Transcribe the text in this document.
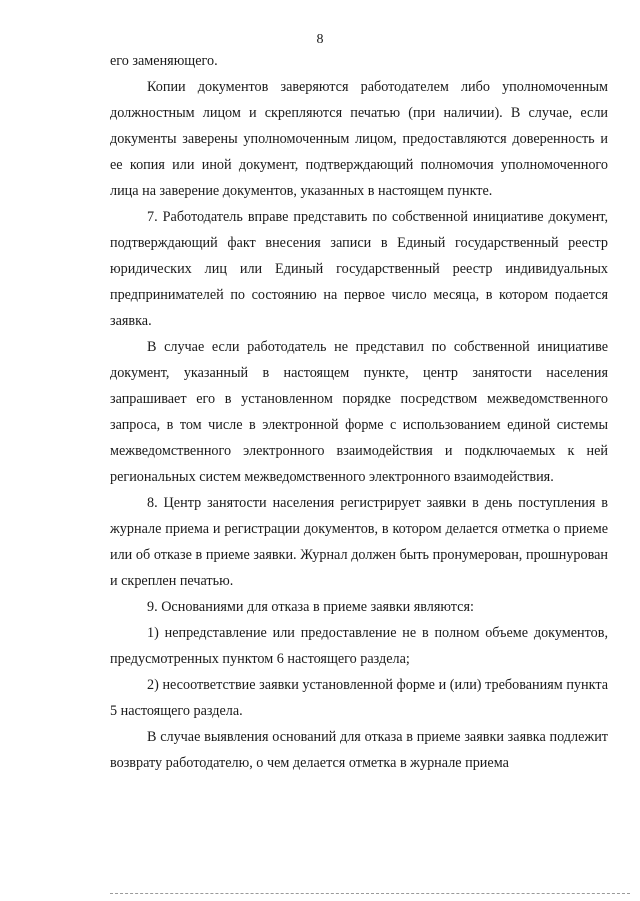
8

его заменяющего.

Копии документов заверяются работодателем либо уполномоченным должностным лицом и скрепляются печатью (при наличии). В случае, если документы заверены уполномоченным лицом, предоставляются доверенность и ее копия или иной документ, подтверждающий полномочия уполномоченного лица на заверение документов, указанных в настоящем пункте.

7. Работодатель вправе представить по собственной инициативе документ, подтверждающий факт внесения записи в Единый государственный реестр юридических лиц или Единый государственный реестр индивидуальных предпринимателей по состоянию на первое число месяца, в котором подается заявка.

В случае если работодатель не представил по собственной инициативе документ, указанный в настоящем пункте, центр занятости населения запрашивает его в установленном порядке посредством межведомственного запроса, в том числе в электронной форме с использованием единой системы межведомственного электронного взаимодействия и подключаемых к ней региональных систем межведомственного электронного взаимодействия.

8. Центр занятости населения регистрирует заявки в день поступления в журнале приема и регистрации документов, в котором делается отметка о приеме или об отказе в приеме заявки. Журнал должен быть пронумерован, прошнурован и скреплен печатью.

9. Основаниями для отказа в приеме заявки являются:

1) непредставление или предоставление не в полном объеме документов, предусмотренных пунктом 6 настоящего раздела;

2) несоответствие заявки установленной форме и (или) требованиям пункта 5 настоящего раздела.

В случае выявления оснований для отказа в приеме заявки заявка подлежит возврату работодателю, о чем делается отметка в журнале приема
